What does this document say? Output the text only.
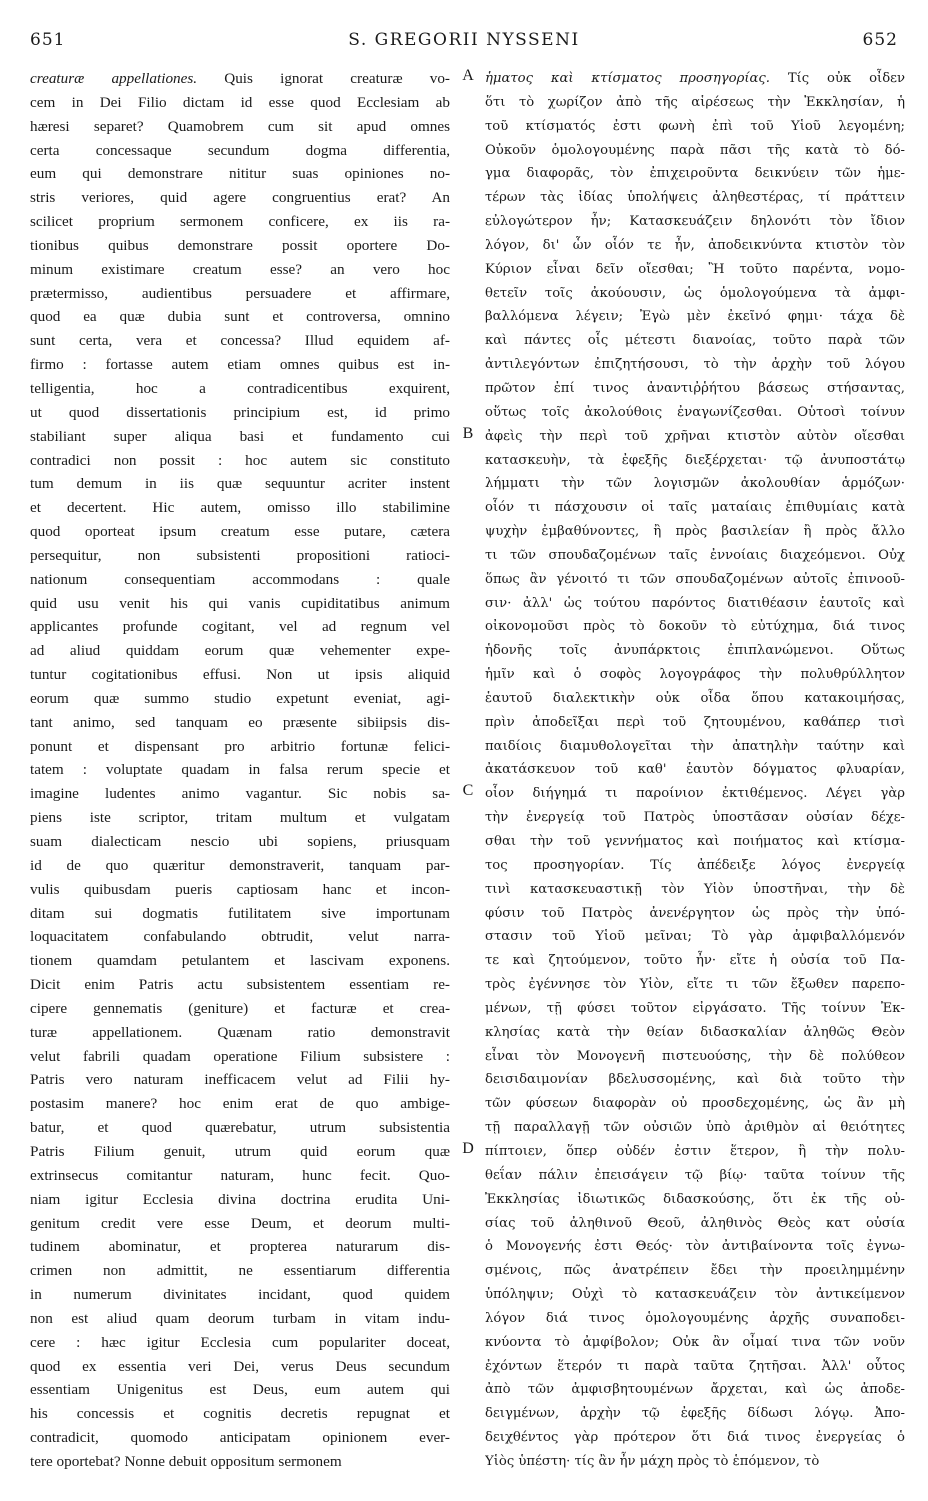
651	S. GREGORII NYSSENI	652
creaturæ appellationes. Quis ignorat creaturæ vo-
cem in Dei Filio dictam id esse quod Ecclesiam ab
hæresi separet? Quamobrem cum sit apud omnes
certa concessaque secundum dogma differentia,
eum qui demonstrare nititur suas opiniones no-
stris veriores, quid agere congruentius erat? An
scilicet proprium sermonem conficere, ex iis ra-
tionibus quibus demonstrare possit oportere Do-
minum existimare creatum esse? an vero hoc
prætermisso, audientibus persuadere et affirmare,
quod ea quæ dubia sunt et controversa, omnino
sunt certa, vera et concessa? Illud equidem af-
firmo : fortasse autem etiam omnes quibus est in-
telligentia, hoc a contradicentibus exquirent,
ut quod dissertationis principium est, id primo
stabiliant super aliqua basi et fundamento cui
contradici non possit : hoc autem sic constituto
tum demum in iis quæ sequuntur acriter instent
et decertent. Hic autem, omisso illo stabilimine
quod oporteat ipsum creatum esse putare, cætera
persequitur, non subsistenti propositioni ratioci-
nationum consequentiam accommodans : quale
quid usu venit his qui vanis cupiditatibus animum
applicantes profunde cogitant, vel ad regnum vel
ad aliud quiddam eorum quæ vehementer expe-
tuntur cogitationibus effusi. Non ut ipsis aliquid
eorum quæ summo studio expetunt eveniat, agi-
tant animo, sed tanquam eo præsente sibiipsis dis-
ponunt et dispensant pro arbitrio fortunæ felici-
tatem : voluptate quadam in falsa rerum specie et
imagine ludentes animo vagantur. Sic nobis sa-
piens iste scriptor, tritam multum et vulgatam
suam dialecticam nescio ubi sopiens, priusquam
id de quo quæritur demonstraverit, tanquam par-
vulis quibusdam pueris captiosam hanc et incon-
ditam sui dogmatis futilitatem sive importunam
loquacitatem confabulando obtrudit, velut narra-
tionem quamdam petulantem et lascivam exponens.
Dicit enim Patris actu subsistentem essentiam re-
cipere gennematis (geniture) et facturæ et crea-
turæ appellationem. Quænam ratio demonstravit
velut fabrili quadam operatione Filium subsistere :
Patris vero naturam inefficacem velut ad Filii hy-
postasim manere? hoc enim erat de quo ambige-
batur, et quod quærebatur, utrum subsistentia
Patris Filium genuit, utrum quid eorum quæ
extrinsecus comitantur naturam, hunc fecit. Quo-
niam igitur Ecclesia divina doctrina erudita Uni-
genitum credit vere esse Deum, et deorum multi-
tudinem abominatur, et propterea naturarum dis-
crimen non admittit, ne essentiarum differentia
in numerum divinitates incidant, quod quidem
non est aliud quam deorum turbam in vitam indu-
cere : hæc igitur Ecclesia cum populariter doceat,
quod ex essentia veri Dei, verus Deus secundum
essentiam Unigenitus est Deus, eum autem qui
his concessis et cognitis decretis repugnat et
contradicit, quomodo anticipatam opinionem ever-
tere oportebat? Nonne debuit oppositum sermonem
ἡματος καὶ κτίσματος προσηγορίας. Τίς οὐκ οἶδεν
ὅτι τὸ χωρίζον ἀπὸ τῆς αἱρέσεως τὴν Ἐκκλησίαν, ἡ
τοῦ κτίσματός ἐστι φωνὴ ἐπὶ τοῦ Υἱοῦ λεγομένη;
Οὐκοῦν ὁμολογουμένης παρὰ πᾶσι τῆς κατὰ τὸ δό-
γμα διαφορᾶς, τὸν ἐπιχειροῦντα δεικνύειν τῶν ἡμε-
τέρων τὰς ἰδίας ὑπολήψεις ἀληθεστέρας, τί πράττειν
εὐλογώτερον ἦν; Κατασκευάζειν δηλονότι τὸν ἴδιον
λόγον, δι' ὧν οἷόν τε ἦν, ἀποδεικνύντα κτιστὸν τὸν
Κύριον εἶναι δεῖν οἴεσθαι; Ἢ τοῦτο παρέντα, νομο-
θετεῖν τοῖς ἀκούουσιν, ὡς ὁμολογούμενα τὰ ἀμφι-
βαλλόμενα λέγειν; Ἐγὼ μὲν ἐκεῖνό φημι· τάχα δὲ
καὶ πάντες οἷς μέτεστι διανοίας, τοῦτο παρὰ τῶν
ἀντιλεγόντων ἐπιζητήσουσι, τὸ τὴν ἀρχὴν τοῦ λόγου
πρῶτον ἐπί τινος ἀναντιῤῥήτου βάσεως στήσαντας,
οὕτως τοῖς ἀκολούθοις ἐναγωνίζεσθαι. Οὑτοσὶ τοίνυν
ἀφεὶς τὴν περὶ τοῦ χρῆναι κτιστὸν αὐτὸν οἴεσθαι
κατασκευὴν, τὰ ἐφεξῆς διεξέρχεται· τῷ ἀνυποστάτῳ
λήμματι τὴν τῶν λογισμῶν ἀκολουθίαν ἁρμόζων·
οἷόν τι πάσχουσιν οἱ ταῖς ματαίαις ἐπιθυμίαις κατὰ
ψυχὴν ἐμβαθύνοντες, ἢ πρὸς βασιλείαν ἢ πρὸς ἄλλο
τι τῶν σπουδαζομένων ταῖς ἐννοίαις διαχεόμενοι. Οὐχ
ὅπως ἂν γένοιτό τι τῶν σπουδαζομένων αὐτοῖς ἐπινοοῦ-
σιν· ἀλλ' ὡς τούτου παρόντος διατιθέασιν ἑαυτοῖς καὶ
οἰκονομοῦσι πρὸς τὸ δοκοῦν τὸ εὐτύχημα, διά τινος
ἡδονῆς τοῖς ἀνυπάρκτοις ἐπιπλανώμενοι. Οὕτως
ἡμῖν καὶ ὁ σοφὸς λογογράφος τὴν πολυθρύλλητον
ἑαυτοῦ διαλεκτικὴν οὐκ οἶδα ὅπου κατακοιμήσας,
πρὶν ἀποδεῖξαι περὶ τοῦ ζητουμένου, καθάπερ τισὶ
παιδίοις διαμυθολογεῖται τὴν ἀπατηλὴν ταύτην καὶ
ἀκατάσκευον τοῦ καθ' ἑαυτὸν δόγματος φλυαρίαν,
οἷον διήγημά τι παροίνιον ἐκτιθέμενος. Λέγει γὰρ
τὴν ἐνεργείᾳ τοῦ Πατρὸς ὑποστᾶσαν οὐσίαν δέχε-
σθαι τὴν τοῦ γεννήματος καὶ ποιήματος καὶ κτίσμα-
τος προσηγορίαν. Τίς ἀπέδειξε λόγος ἐνεργείᾳ
τινὶ κατασκευαστικῇ τὸν Υἱὸν ὑποστῆναι, τὴν δὲ
φύσιν τοῦ Πατρὸς ἀνενέργητον ὡς πρὸς τὴν ὑπό-
στασιν τοῦ Υἱοῦ μεῖναι; Τὸ γὰρ ἀμφιβαλλόμενόν
τε καὶ ζητούμενον, τοῦτο ἦν· εἴτε ἡ οὐσία τοῦ Πα-
τρὸς ἐγέννησε τὸν Υἱὸν, εἴτε τι τῶν ἔξωθεν παρεπο-
μένων, τῇ φύσει τοῦτον εἰργάσατο. Τῆς τοίνυν Ἐκ-
κλησίας κατὰ τὴν θείαν διδασκαλίαν ἀληθῶς Θεὸν
εἶναι τὸν Μονογενῆ πιστευούσης, τὴν δὲ πολύθεον
δεισιδαιμονίαν βδελυσσομένης, καὶ διὰ τοῦτο τὴν
τῶν φύσεων διαφορὰν οὐ προσδεχομένης, ὡς ἂν μὴ
τῇ παραλλαγῇ τῶν οὐσιῶν ὑπὸ ἀριθμὸν αἱ θειότητες
πίπτοιεν, ὅπερ οὐδέν ἐστιν ἕτερον, ἢ τὴν πολυ-
θεΐαν πάλιν ἐπεισάγειν τῷ βίῳ· ταῦτα τοίνυν τῆς
Ἐκκλησίας ἰδιωτικῶς διδασκούσης, ὅτι ἐκ τῆς οὐ-
σίας τοῦ ἀληθινοῦ Θεοῦ, ἀληθινὸς Θεὸς κατ οὐσία
ὁ Μονογενής ἐστι Θεός· τὸν ἀντιβαίνοντα τοῖς ἐγνω-
σμένοις, πῶς ἀνατρέπειν ἔδει τὴν προειλημμένην
ὑπόληψιν; Οὐχὶ τὸ κατασκευάζειν τὸν ἀντικείμενον
λόγον διά τινος ὁμολογουμένης ἀρχῆς συναποδει-
κνύοντα τὸ ἀμφίβολον; Οὐκ ἂν οἶμαί τινα τῶν νοῦν
ἐχόντων ἕτερόν τι παρὰ ταῦτα ζητῆσαι. Ἀλλ' οὗτος
ἀπὸ τῶν ἀμφισβητουμένων ἄρχεται, καὶ ὡς ἀποδε-
δειγμένων, ἀρχὴν τῷ ἐφεξῆς δίδωσι λόγῳ. Ἀπο-
δειχθέντος γὰρ πρότερον ὅτι διά τινος ἐνεργείας ὁ
Υἱὸς ὑπέστη· τίς ἂν ἦν μάχη πρὸς τὸ ἑπόμενον, τὸ
A
B
C
D
